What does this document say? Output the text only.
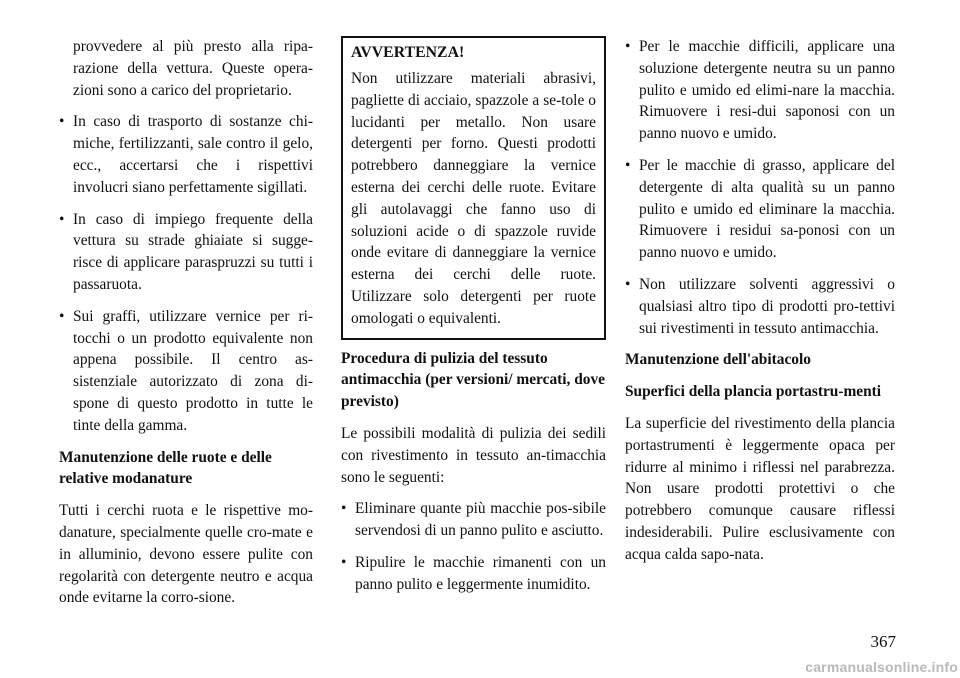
provvedere al più presto alla ripa-razione della vettura. Queste opera-zioni sono a carico del proprietario.

•In caso di trasporto di sostanze chi-miche, fertilizzanti, sale contro il gelo, ecc., accertarsi che i rispettivi involucri siano perfettamente sigillati.

•In caso di impiego frequente della vettura su strade ghiaiate si sugge-risce di applicare paraspruzzi su tutti i passaruota.

•Sui graffi, utilizzare vernice per ri-tocchi o un prodotto equivalente non appena possibile. Il centro as-sistenziale autorizzato di zona di-spone di questo prodotto in tutte le tinte della gamma.

Manutenzione delle ruote e delle relative modanature

Tutti i cerchi ruota e le rispettive mo-danature, specialmente quelle cro-mate e in alluminio, devono essere pulite con regolarità con detergente neutro e acqua onde evitarne la corro-sione.

AVVERTENZA!

Non utilizzare materiali abrasivi, pagliette di acciaio, spazzole a se-tole o lucidanti per metallo. Non usare detergenti per forno. Questi prodotti potrebbero danneggiare la vernice esterna dei cerchi delle ruote. Evitare gli autolavaggi che fanno uso di soluzioni acide o di spazzole ruvide onde evitare di danneggiare la vernice esterna dei cerchi delle ruote. Utilizzare solo detergenti per ruote omologati o equivalenti.

Procedura di pulizia del tessuto antimacchia (per versioni/ mercati, dove previsto)

Le possibili modalità di pulizia dei sedili con rivestimento in tessuto an-timacchia sono le seguenti:

•Eliminare quante più macchie pos-sibile servendosi di un panno pulito e asciutto.

•Ripulire le macchie rimanenti con un panno pulito e leggermente inumidito.

•Per le macchie difficili, applicare una soluzione detergente neutra su un panno pulito e umido ed elimi-nare la macchia. Rimuovere i resi-dui saponosi con un panno nuovo e umido.

•Per le macchie di grasso, applicare del detergente di alta qualità su un panno pulito e umido ed eliminare la macchia. Rimuovere i residui sa-ponosi con un panno nuovo e umido.

•Non utilizzare solventi aggressivi o qualsiasi altro tipo di prodotti pro-tettivi sui rivestimenti in tessuto antimacchia.

Manutenzione dell'abitacolo

Superfici della plancia portastru-menti

La superficie del rivestimento della plancia portastrumenti è leggermente opaca per ridurre al minimo i riflessi nel parabrezza. Non usare prodotti protettivi o che potrebbero comunque causare riflessi indesiderabili. Pulire esclusivamente con acqua calda sapo-nata.

367
carmanualsonline.info
